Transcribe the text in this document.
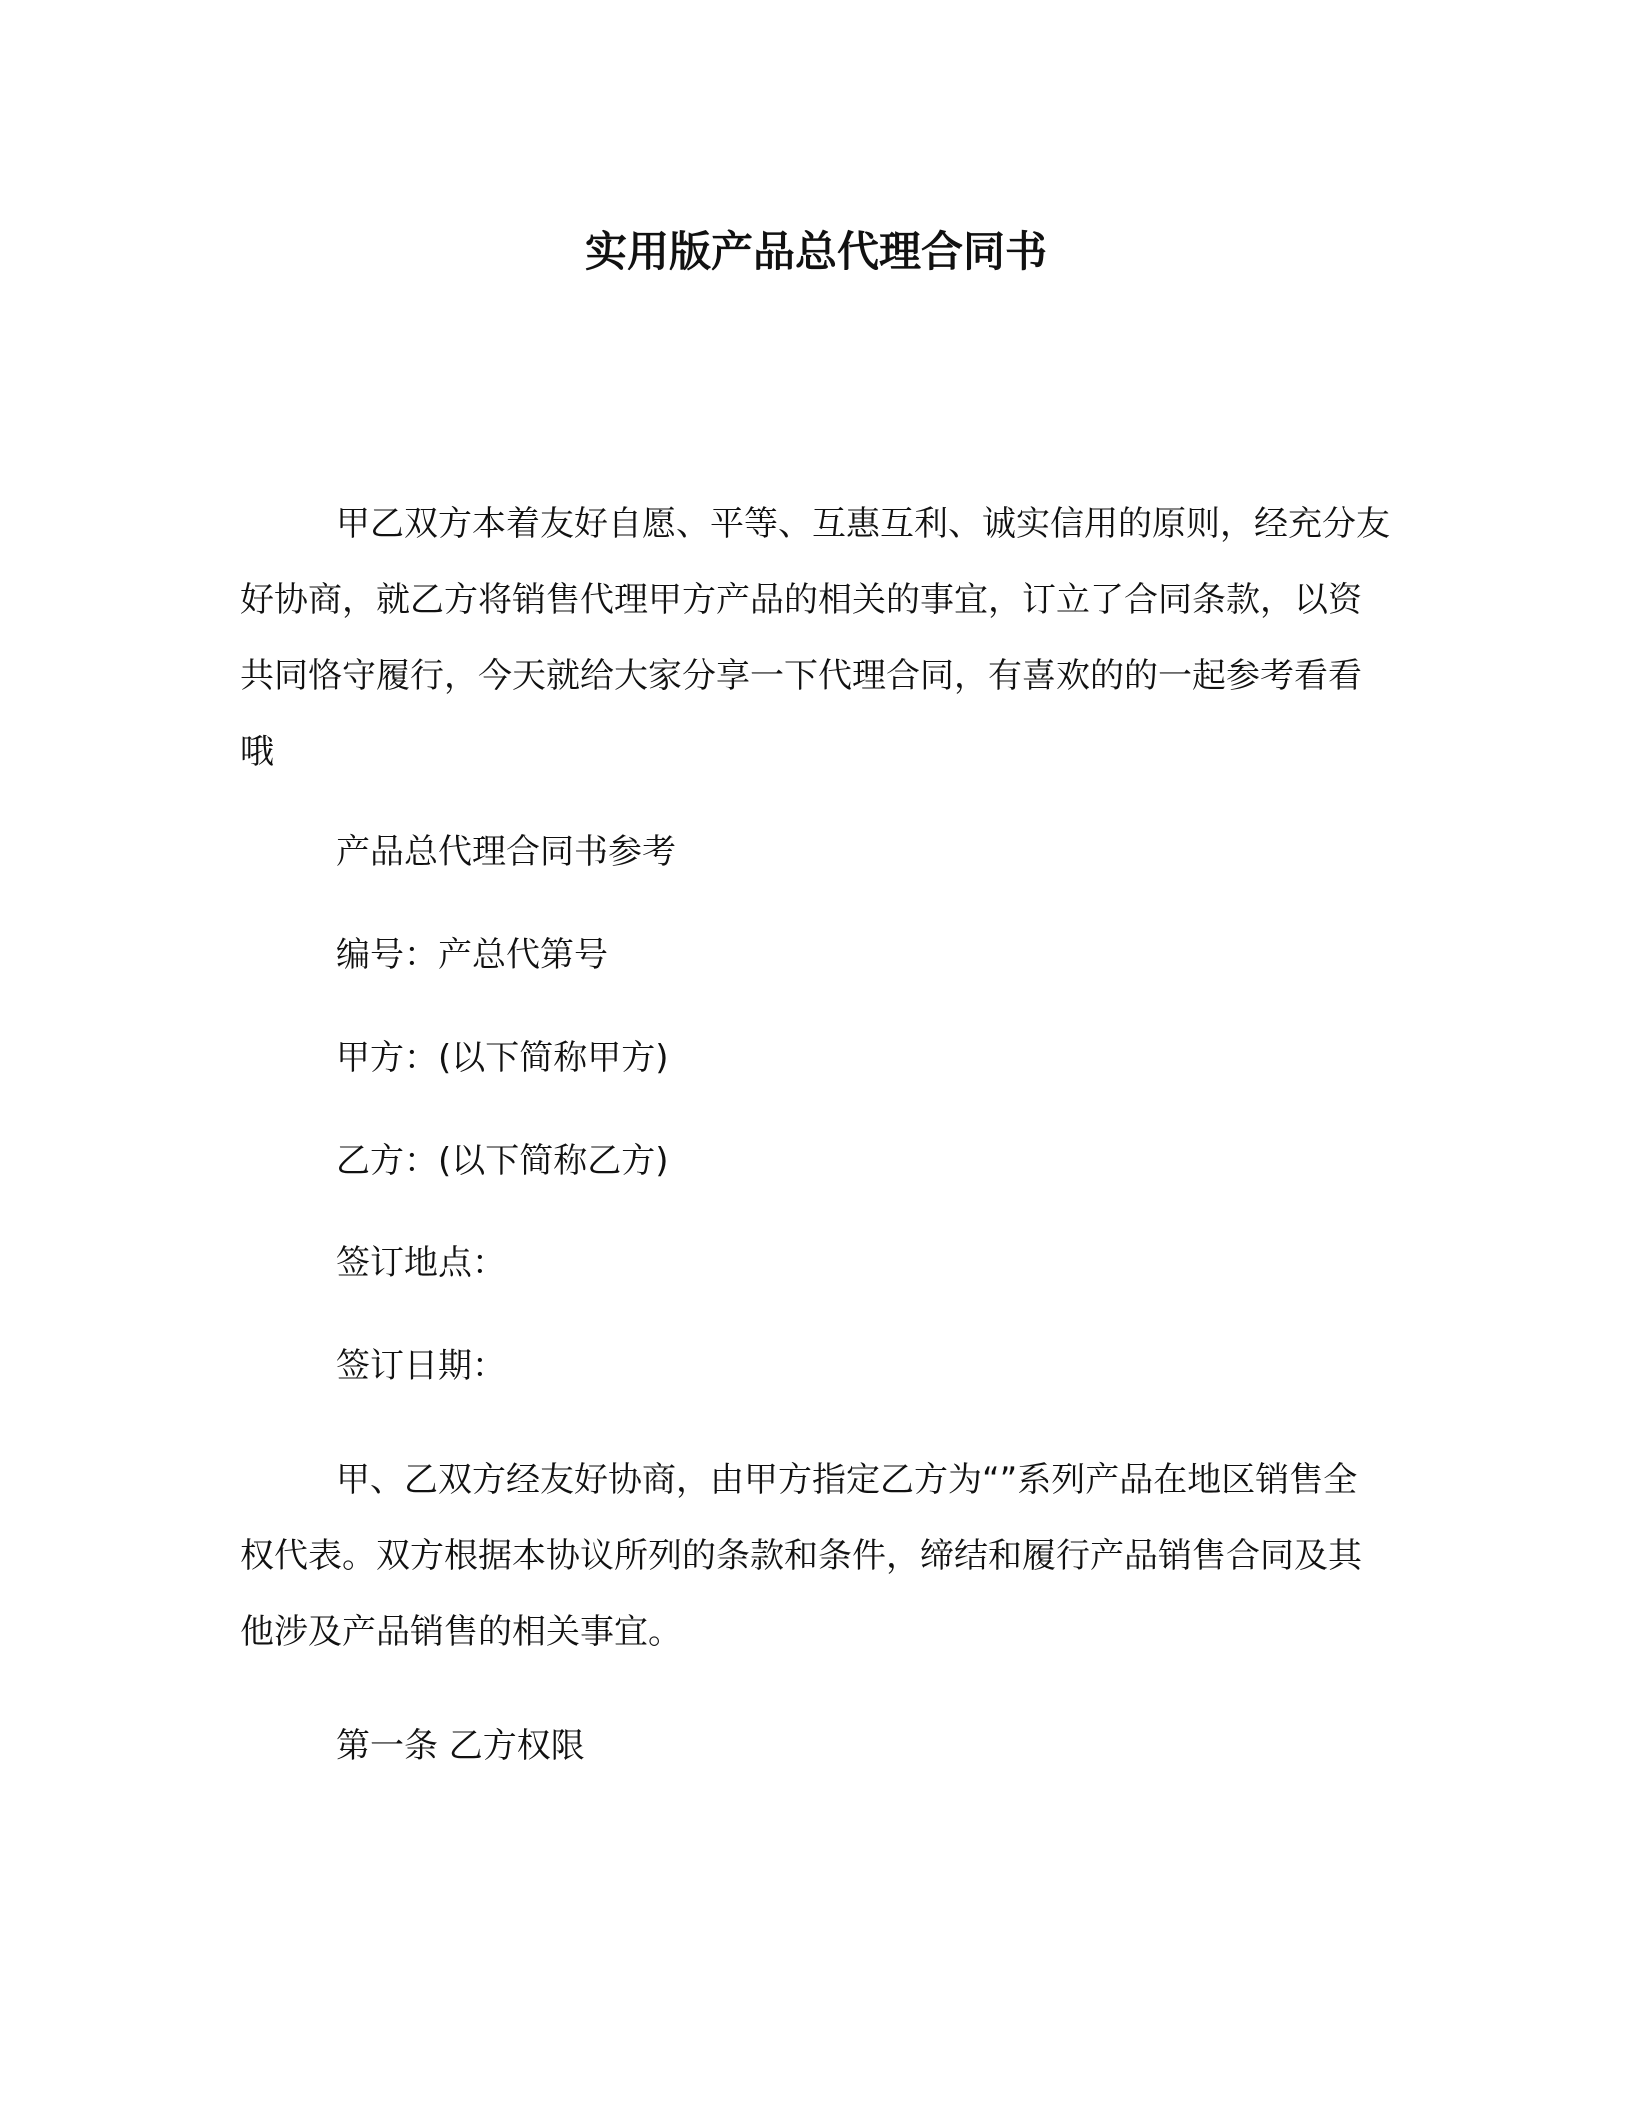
实用版产品总代理合同书

甲乙双方本着友好自愿、平等、互惠互利、诚实信用的原则，经充分友好协商，就乙方将销售代理甲方产品的相关的事宜，订立了合同条款，以资共同恪守履行，今天就给大家分享一下代理合同，有喜欢的的一起参考看看哦

产品总代理合同书参考
编号：产总代第号
甲方：(以下简称甲方)
乙方：(以下简称乙方)
签订地点：
签订日期：

甲、乙双方经友好协商，由甲方指定乙方为“”系列产品在地区销售全权代表。双方根据本协议所列的条款和条件，缔结和履行产品销售合同及其他涉及产品销售的相关事宜。

第一条 乙方权限
